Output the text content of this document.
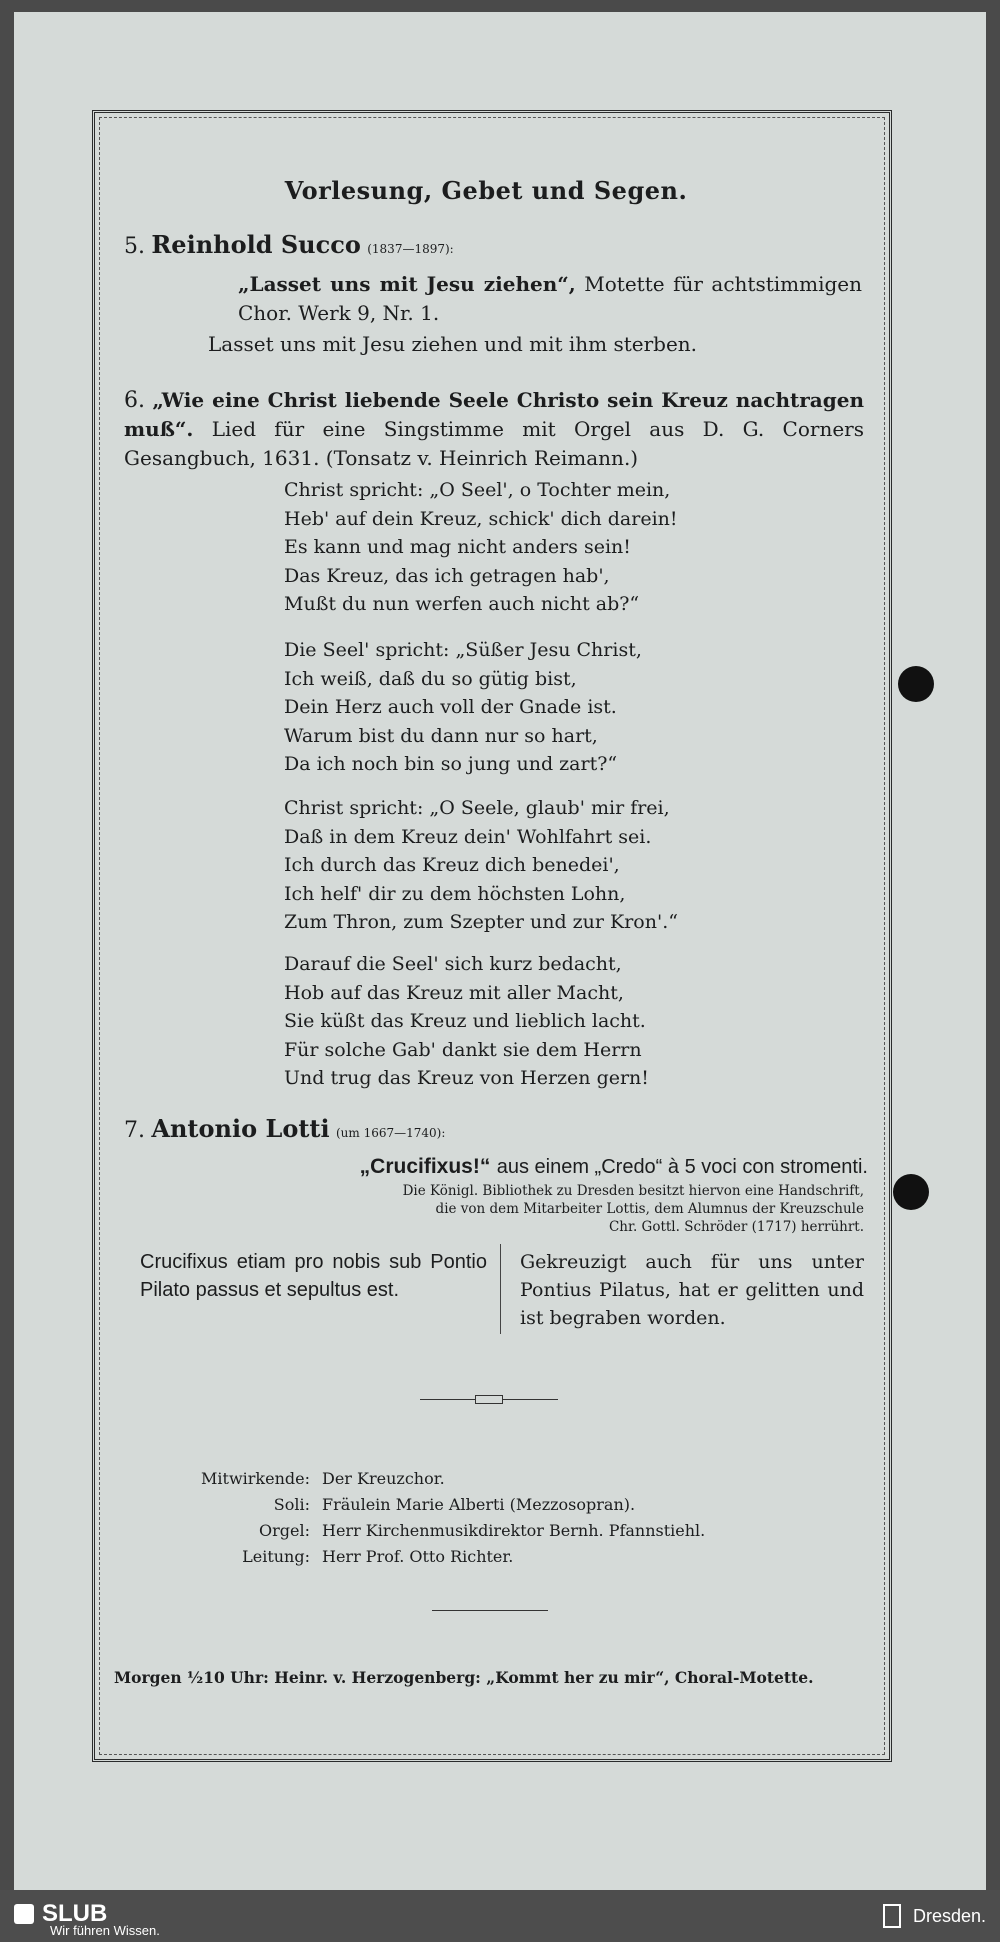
Vorlesung, Gebet und Segen.
5. Reinhold Succo (1837—1897):
„Lasset uns mit Jesu ziehen“, Motette für achtstimmigen Chor. Werk 9, Nr. 1.
Lasset uns mit Jesu ziehen und mit ihm sterben.
6. „Wie eine Christ liebende Seele Christo sein Kreuz nachtragen muß“. Lied für eine Singstimme mit Orgel aus D. G. Corners Gesangbuch, 1631. (Tonsatz v. Heinrich Reimann.)
Christ spricht: „O Seel', o Tochter mein,
Heb' auf dein Kreuz, schick' dich darein!
Es kann und mag nicht anders sein!
Das Kreuz, das ich getragen hab',
Mußt du nun werfen auch nicht ab?“
Die Seel' spricht: „Süßer Jesu Christ,
Ich weiß, daß du so gütig bist,
Dein Herz auch voll der Gnade ist.
Warum bist du dann nur so hart,
Da ich noch bin so jung und zart?“
Christ spricht: „O Seele, glaub' mir frei,
Daß in dem Kreuz dein' Wohlfahrt sei.
Ich durch das Kreuz dich benedei',
Ich helf' dir zu dem höchsten Lohn,
Zum Thron, zum Szepter und zur Kron'.“
Darauf die Seel' sich kurz bedacht,
Hob auf das Kreuz mit aller Macht,
Sie küßt das Kreuz und lieblich lacht.
Für solche Gab' dankt sie dem Herrn
Und trug das Kreuz von Herzen gern!
7. Antonio Lotti (um 1667—1740):
„Crucifixus!“ aus einem „Credo“ à 5 voci con stromenti.
Die Königl. Bibliothek zu Dresden besitzt hiervon eine Handschrift,
die von dem Mitarbeiter Lottis, dem Alumnus der Kreuzschule
Chr. Gottl. Schröder (1717) herrührt.
Crucifixus etiam pro nobis sub Pontio Pilato passus et sepultus est.
Gekreuzigt auch für uns unter Pontius Pilatus, hat er gelitten und ist begraben worden.
Mitwirkende: Der Kreuzchor.
Soli: Fräulein Marie Alberti (Mezzosopran).
Orgel: Herr Kirchenmusikdirektor Bernh. Pfannstiehl.
Leitung: Herr Prof. Otto Richter.
Morgen ½10 Uhr: Heinr. v. Herzogenberg: „Kommt her zu mir“, Choral-Motette.
SLUB
Wir führen Wissen.
Dresden.
